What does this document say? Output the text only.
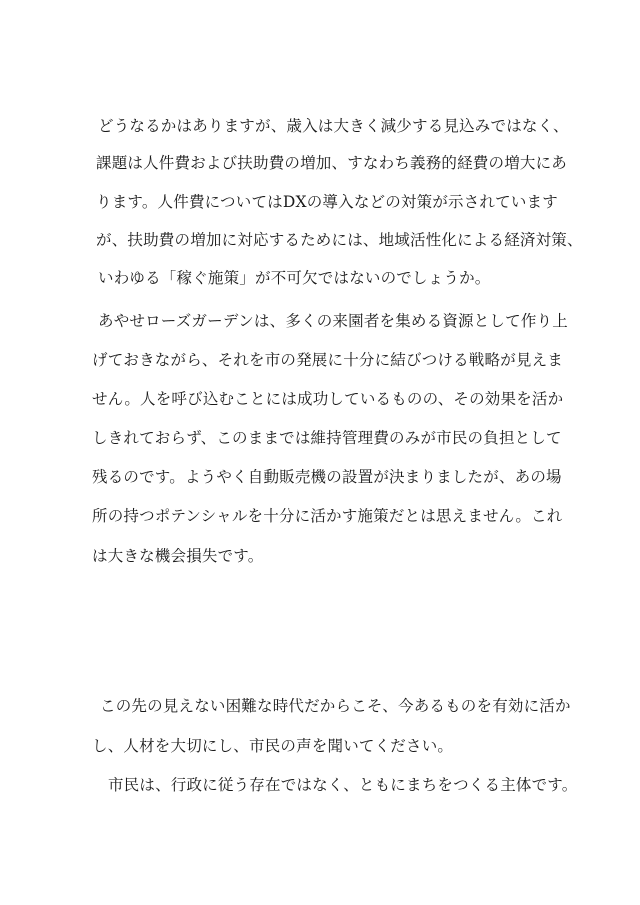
どうなるかはありますが、歳入は大きく減少する見込みではなく、
課題は人件費および扶助費の増加、すなわち義務的経費の増大にあ
ります。人件費についてはDXの導入などの対策が示されています
が、扶助費の増加に対応するためには、地域活性化による経済対策、
いわゆる「稼ぐ施策」が不可欠ではないのでしょうか。
あやせローズガーデンは、多くの来園者を集める資源として作り上
げておきながら、それを市の発展に十分に結びつける戦略が見えま
せん。人を呼び込むことには成功しているものの、その効果を活か
しきれておらず、このままでは維持管理費のみが市民の負担として
残るのです。ようやく自動販売機の設置が決まりましたが、あの場
所の持つポテンシャルを十分に活かす施策だとは思えません。これ
は大きな機会損失です。
この先の見えない困難な時代だからこそ、今あるものを有効に活か
し、人材を大切にし、市民の声を聞いてください。
市民は、行政に従う存在ではなく、ともにまちをつくる主体です。
